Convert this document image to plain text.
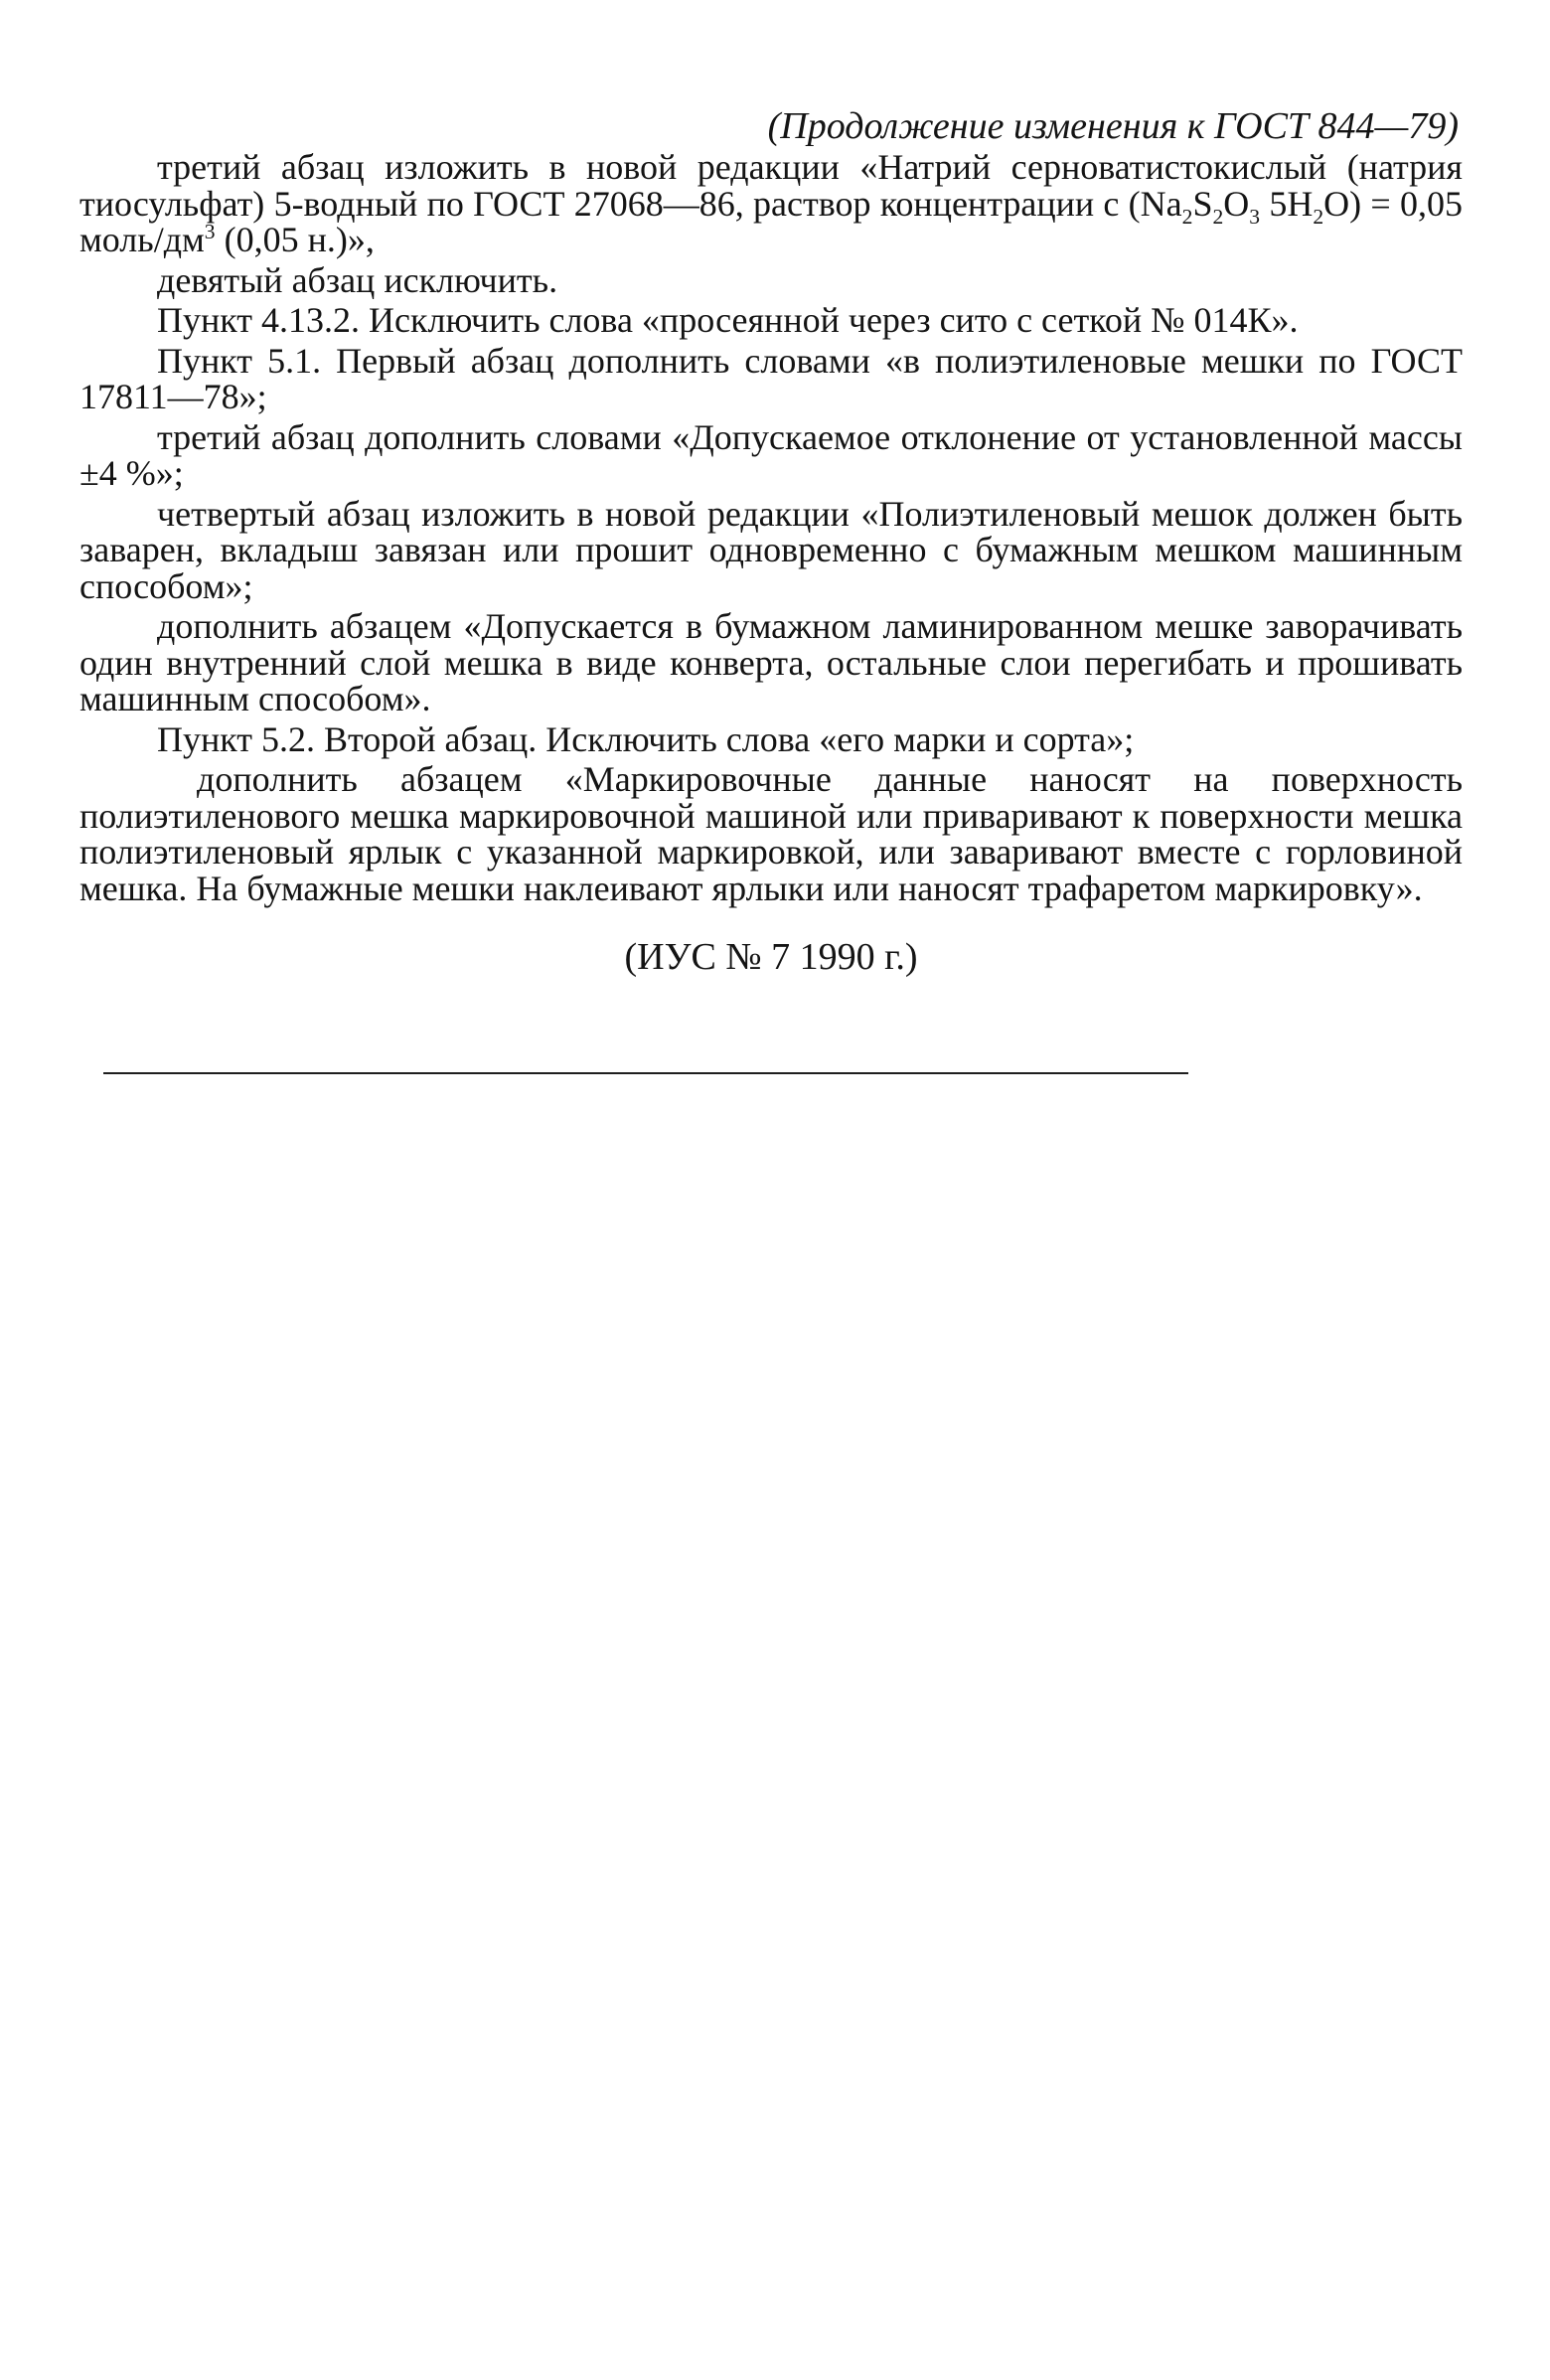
(Продолжение изменения к ГОСТ 844—79)

третий абзац изложить в новой редакции «Натрий серноватистокислый (натрия тиосульфат) 5-водный по ГОСТ 27068—86, раствор концентрации с ($Na_2S_2O_3$ $5H_2O) = 0,05$ моль/$дм^3$ (0,05 н.)»,

девятый абзац исключить.

Пункт 4.13.2. Исключить слова «просеянной через сито с сеткой № 014К».

Пункт 5.1. Первый абзац дополнить словами «в полиэтиленовые мешки по ГОСТ 17811—78»;

третий абзац дополнить словами «Допускаемое отклонение от установленной массы ±4 %»;

четвертый абзац изложить в новой редакции «Полиэтиленовый мешок должен быть заварен, вкладыш завязан или прошит одновременно с бумажным мешком машинным способом»;

дополнить абзацем «Допускается в бумажном ламинированном мешке заворачивать один внутренний слой мешка в виде конверта, остальные слои перегибать и прошивать машинным способом».

Пункт 5.2. Второй абзац. Исключить слова «его марки и сорта»;

дополнить абзацем «Маркировочные данные наносят на поверхность полиэтиленового мешка маркировочной машиной или приваривают к поверхности мешка полиэтиленовый ярлык с указанной маркировкой, или заваривают вместе с горловиной мешка. На бумажные мешки наклеивают ярлыки или наносят трафаретом маркировку».

(ИУС № 7 1990 г.)
